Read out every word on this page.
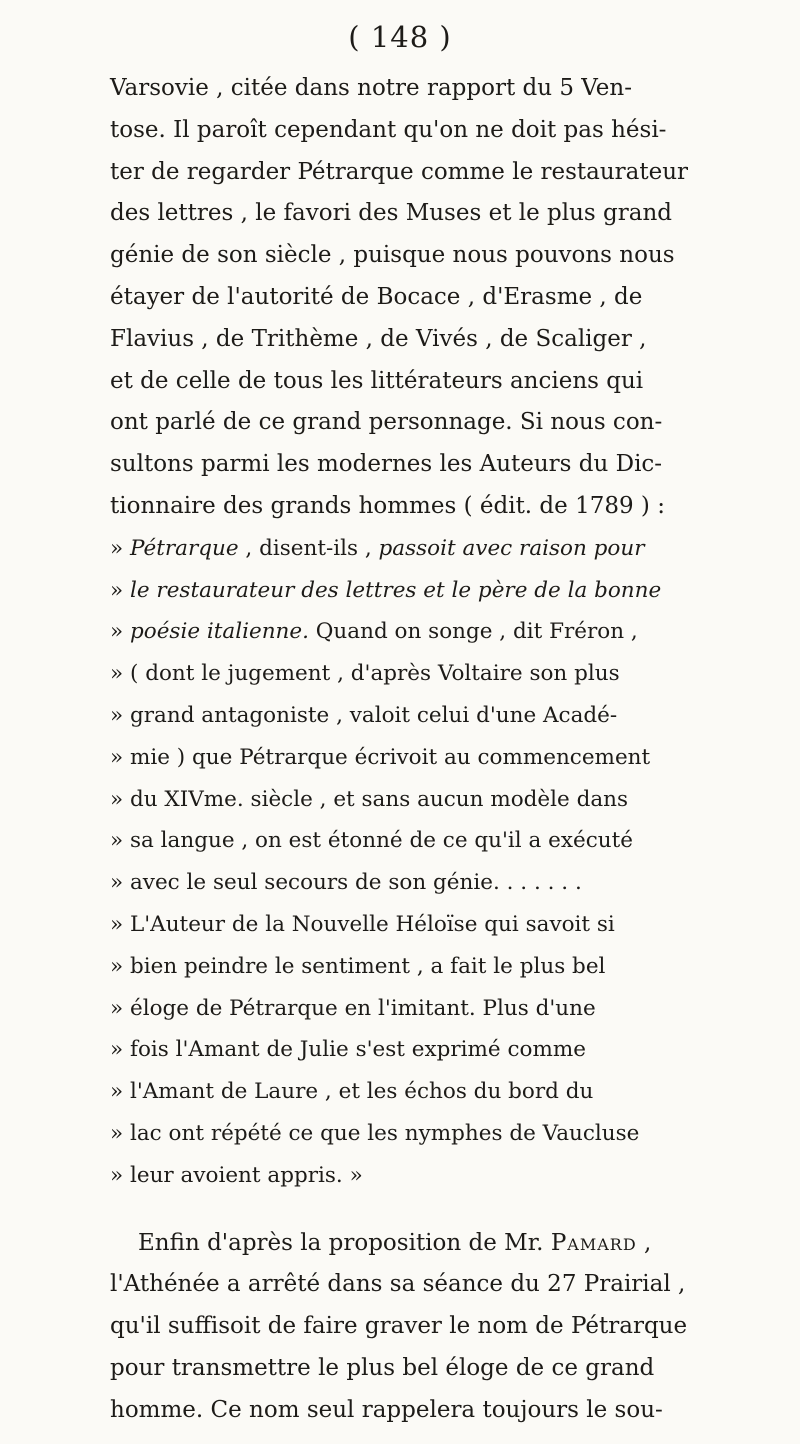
( 148 )
Varsovie , citée dans notre rapport du 5 Ven-
tose. Il paroît cependant qu'on ne doit pas hési-
ter de regarder Pétrarque comme le restaurateur
des lettres , le favori des Muses et le plus grand
génie de son siècle , puisque nous pouvons nous
étayer de l'autorité de Bocace , d'Erasme , de
Flavius , de Trithème , de Vivés , de Scaliger ,
et de celle de tous les littérateurs anciens qui
ont parlé de ce grand personnage. Si nous con-
sultons parmi les modernes les Auteurs du Dic-
tionnaire des grands hommes ( édit. de 1789 ) :
» Pétrarque , disent-ils , passoit avec raison pour
» le restaurateur des lettres et le père de la bonne
» poésie italienne. Quand on songe , dit Fréron ,
» ( dont le jugement , d'après Voltaire son plus
» grand antagoniste , valoit celui d'une Acadé-
» mie ) que Pétrarque écrivoit au commencement
» du XIVme. siècle , et sans aucun modèle dans
» sa langue , on est étonné de ce qu'il a exécuté
» avec le seul secours de son génie. . . . . . .
» L'Auteur de la Nouvelle Héloïse qui savoit si
» bien peindre le sentiment , a fait le plus bel
» éloge de Pétrarque en l'imitant. Plus d'une
» fois l'Amant de Julie s'est exprimé comme
» l'Amant de Laure , et les échos du bord du
» lac ont répété ce que les nymphes de Vaucluse
» leur avoient appris. »
Enfin d'après la proposition de Mr. Pamard ,
l'Athénée a arrêté dans sa séance du 27 Prairial ,
qu'il suffisoit de faire graver le nom de Pétrarque
pour transmettre le plus bel éloge de ce grand
homme. Ce nom seul rappelera toujours le sou-
